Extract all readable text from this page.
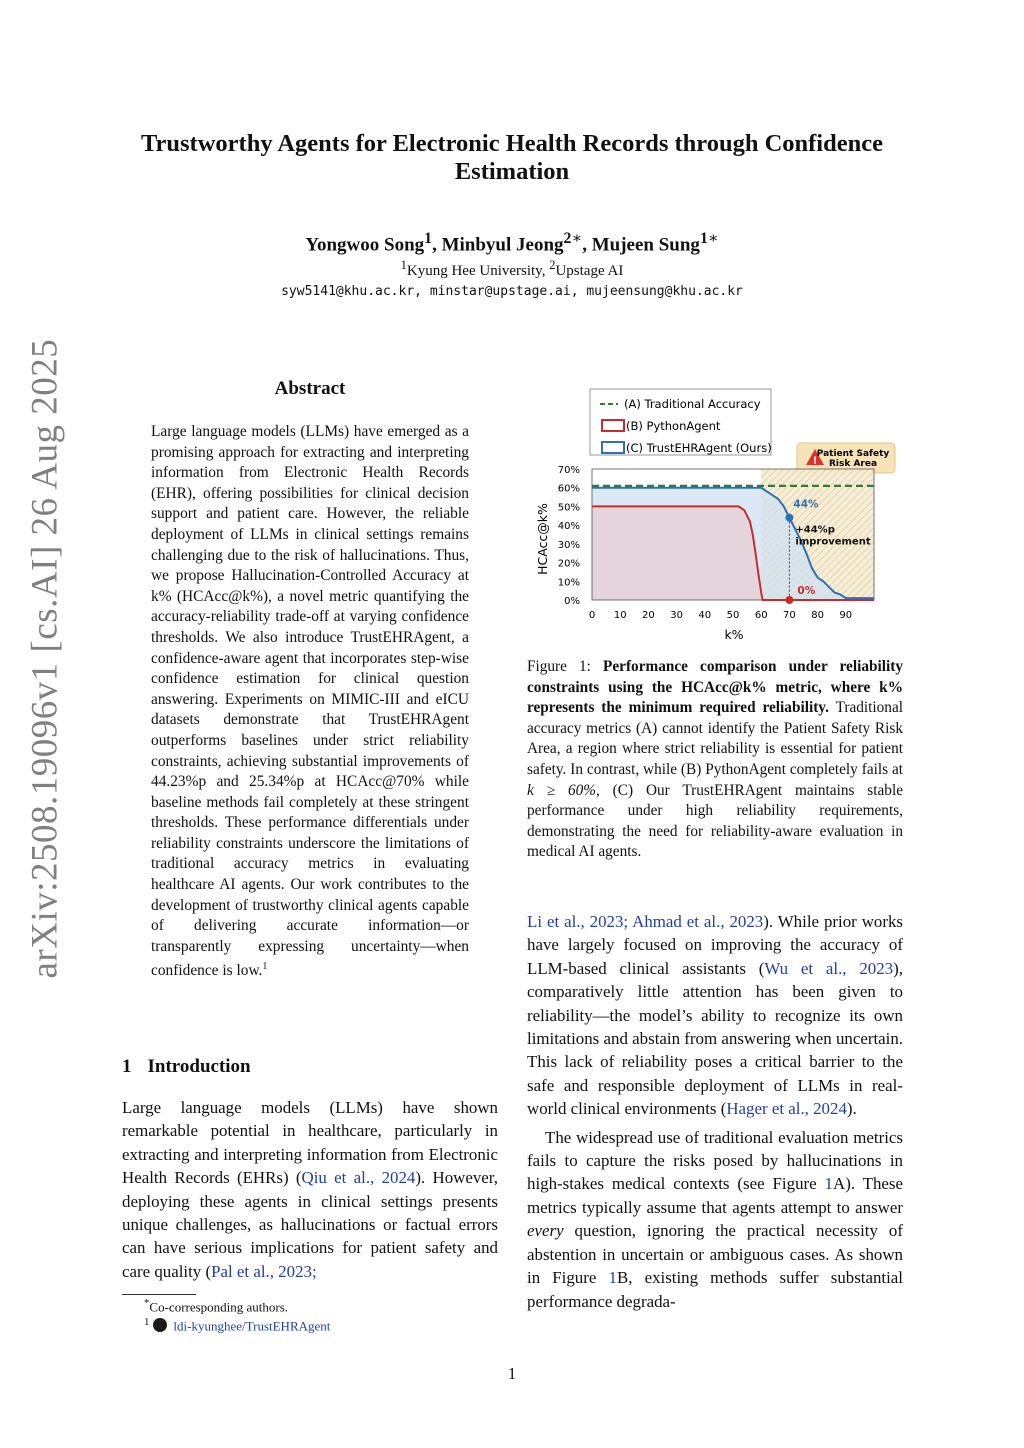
arXiv:2508.19096v1 [cs.AI] 26 Aug 2025
Trustworthy Agents for Electronic Health Records through Confidence
Estimation
Yongwoo Song$^1$, Minbyul Jeong$^{2∗}$, Mujeen Sung$^{1∗}$
$^1$Kyung Hee University, $^2$Upstage AI
syw5141@khu.ac.kr, minstar@upstage.ai, mujeensung@khu.ac.kr
Abstract
Large language models (LLMs) have emerged as a promising approach for extracting and interpreting information from Electronic Health Records (EHR), offering possibilities for clinical decision support and patient care. However, the reliable deployment of LLMs in clinical settings remains challenging due to the risk of hallucinations. Thus, we propose Hallucination-Controlled Accuracy at k% (HCAcc@k%), a novel metric quantifying the accuracy-reliability trade-off at varying confidence thresholds. We also introduce TrustEHRAgent, a confidence-aware agent that incorporates step-wise confidence estimation for clinical question answering. Experiments on MIMIC-III and eICU datasets demonstrate that TrustEHRAgent outperforms baselines under strict reliability constraints, achieving substantial improvements of 44.23%p and 25.34%p at HCAcc@70% while baseline methods fail completely at these stringent thresholds. These performance differentials under reliability constraints underscore the limitations of traditional accuracy metrics in evaluating healthcare AI agents. Our work contributes to the development of trustworthy clinical agents capable of delivering accurate information—or transparently expressing uncertainty—when confidence is low.$^1$
1 Introduction
Large language models (LLMs) have shown remarkable potential in healthcare, particularly in extracting and interpreting information from Electronic Health Records (EHRs) (Qiu et al., 2024). However, deploying these agents in clinical settings presents unique challenges, as hallucinations or factual errors can have serious implications for patient safety and care quality (Pal et al., 2023;
*Co-corresponding authors.
$^1$ ldi-kyunghee/TrustEHRAgent
(A) Traditional Accuracy
(B) PythonAgent
(C) TrustEHRAgent (Ours)
!
Patient Safety
Risk Area
0%
10%
20%
30%
40%
50%
60%
70%
0 10 20 30 40 50 60 70 80 90
44%
0%
+44%p
improvement
k%
HCAcc@k%
Figure 1: Performance comparison under reliability constraints using the HCAcc@k% metric, where k% represents the minimum required reliability. Traditional accuracy metrics (A) cannot identify the Patient Safety Risk Area, a region where strict reliability is essential for patient safety. In contrast, while (B) PythonAgent completely fails at k ≥ 60%, (C) Our TrustEHRAgent maintains stable performance under high reliability requirements, demonstrating the need for reliability-aware evaluation in medical AI agents.

Li et al., 2023; Ahmad et al., 2023). While prior works have largely focused on improving the accuracy of LLM-based clinical assistants (Wu et al., 2023), comparatively little attention has been given to reliability—the model’s ability to recognize its own limitations and abstain from answering when uncertain. This lack of reliability poses a critical barrier to the safe and responsible deployment of LLMs in real-world clinical environments (Hager et al., 2024).

The widespread use of traditional evaluation metrics fails to capture the risks posed by hallucinations in high-stakes medical contexts (see Figure 1A). These metrics typically assume that agents attempt to answer every question, ignoring the practical necessity of abstention in uncertain or ambiguous cases. As shown in Figure 1B, existing methods suffer substantial performance degrada-

1
